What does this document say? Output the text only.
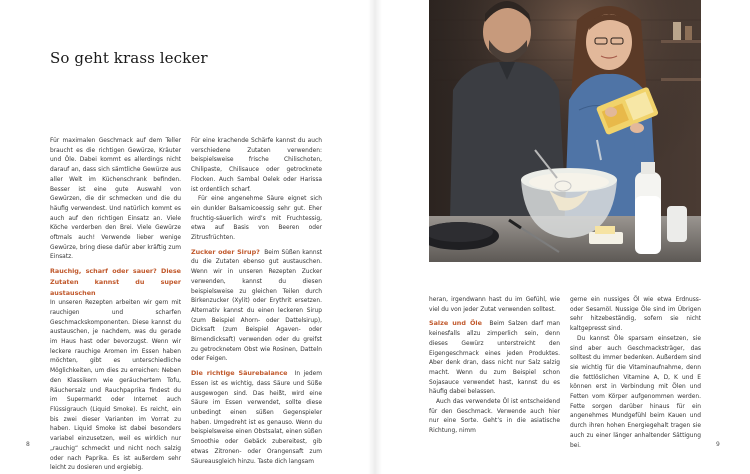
So geht krass lecker

Für maximalen Geschmack auf dem Teller braucht es die richtigen Gewürze, Kräuter und Öle. Dabei kommt es allerdings nicht darauf an, dass sich sämtliche Gewürze aus aller Welt im Küchenschrank befinden. Besser ist eine gute Auswahl von Gewürzen, die dir schmecken und die du häufig verwendest. Und natürlich kommt es auch auf den richtigen Einsatz an. Viele Köche verderben den Brei. Viele Gewürze oftmals auch! Verwende lieber wenige Gewürze, bring diese dafür aber kräftig zum Einsatz.

Rauchig, scharf oder sauer? Diese Zutaten kannst du super austauschen

In unseren Rezepten arbeiten wir gern mit rauchigen und scharfen Geschmackskomponenten. Diese kannst du austauschen, je nachdem, was du gerade im Haus hast oder bevorzugst. Wenn wir leckere rauchige Aromen im Essen haben möchten, gibt es unterschiedliche Möglichkeiten, um dies zu erreichen: Neben den Klassikern wie geräuchertem Tofu, Räuchersalz und Rauchpaprika findest du im Supermarkt oder Internet auch Flüssigrauch (Liquid Smoke). Es reicht, ein bis zwei dieser Varianten im Vorrat zu haben. Liquid Smoke ist dabei besonders variabel einzusetzen, weil es wirklich nur „rauchig“ schmeckt und nicht noch salzig oder nach Paprika. Es ist außerdem sehr leicht zu dosieren und ergiebig.

Für eine krachende Schärfe kannst du auch verschiedene Zutaten verwenden: beispielsweise frische Chilischoten, Chilipaste, Chilisauce oder getrocknete Flocken. Auch Sambal Oelek oder Harissa ist ordentlich scharf.

Für eine angenehme Säure eignet sich ein dunkler Balsamicoessig sehr gut. Eher fruchtig-säuerlich wird’s mit Fruchtessig, etwa auf Basis von Beeren oder Zitrusfrüchten.

Zucker oder Sirup? Beim Süßen kannst du die Zutaten ebenso gut austauschen. Wenn wir in unseren Rezepten Zucker verwenden, kannst du diesen beispielsweise zu gleichen Teilen durch Birkenzucker (Xylit) oder Erythrit ersetzen. Alternativ kannst du einen leckeren Sirup (zum Beispiel Ahorn- oder Dattelsirup), Dicksaft (zum Beispiel Agaven- oder Birnendicksaft) verwenden oder du greifst zu getrocknetem Obst wie Rosinen, Datteln oder Feigen.

Die richtige Säurebalance In jedem Essen ist es wichtig, dass Säure und Süße ausgewogen sind. Das heißt, wird eine Säure im Essen verwendet, sollte diese unbedingt einen süßen Gegenspieler haben. Umgedreht ist es genauso. Wenn du beispielsweise einen Obstsalat, einen süßen Smoothie oder Gebäck zubereitest, gib etwas Zitronen- oder Orangensaft zum Säureausgleich hinzu. Taste dich langsam

heran, irgendwann hast du im Gefühl, wie viel du von jeder Zutat verwenden solltest.

Salze und Öle Beim Salzen darf man keinesfalls allzu zimperlich sein, denn dieses Gewürz unterstreicht den Eigengeschmack eines jeden Produktes. Aber denk dran, dass nicht nur Salz salzig macht. Wenn du zum Beispiel schon Sojasauce verwendet hast, kannst du es häufig dabei belassen.

Auch das verwendete Öl ist entscheidend für den Geschmack. Verwende auch hier nur eine Sorte. Geht’s in die asiatische Richtung, nimm

gerne ein nussiges Öl wie etwa Erdnuss- oder Sesamöl. Nussige Öle sind im Übrigen sehr hitzebeständig, sofern sie nicht kaltgepresst sind.

Du kannst Öle sparsam einsetzen, sie sind aber auch Geschmacksträger, das solltest du immer bedenken. Außerdem sind sie wichtig für die Vitaminaufnahme, denn die fettlöslichen Vitamine A, D, K und E können erst in Verbindung mit Ölen und Fetten vom Körper aufgenommen werden. Fette sorgen darüber hinaus für ein angenehmes Mundgefühl beim Kauen und durch ihren hohen Energiegehalt tragen sie auch zu einer länger anhaltender Sättigung bei.

8	9
